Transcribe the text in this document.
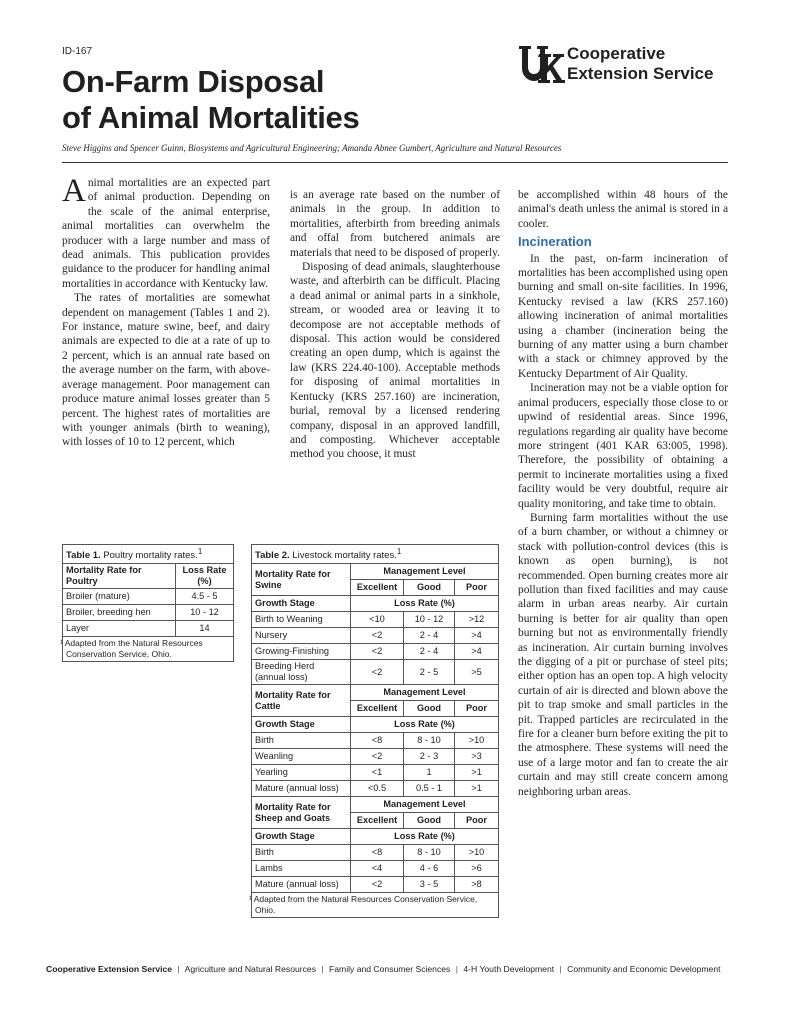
ID-167
On-Farm Disposal
of Animal Mortalities
Cooperative
Extension Service
Steve Higgins and Spencer Guinn, Biosystems and Agricultural Engineering; Amanda Abnee Gumbert, Agriculture and Natural Resources

Animal mortalities are an expected part of animal production. Depending on the scale of the animal enterprise, animal mortalities can overwhelm the producer with a large number and mass of dead animals. This publication provides guidance to the producer for handling animal mortalities in accordance with Kentucky law.

The rates of mortalities are somewhat dependent on management (Tables 1 and 2). For instance, mature swine, beef, and dairy animals are expected to die at a rate of up to 2 percent, which is an annual rate based on the average number on the farm, with above-average management. Poor management can produce mature animal losses greater than 5 percent. The highest rates of mortalities are with younger animals (birth to weaning), with losses of 10 to 12 percent, which

is an average rate based on the number of animals in the group. In addition to mortalities, afterbirth from breeding animals and offal from butchered animals are materials that need to be disposed of properly.

Disposing of dead animals, slaughterhouse waste, and afterbirth can be difficult. Placing a dead animal or animal parts in a sinkhole, stream, or wooded area or leaving it to decompose are not acceptable methods of disposal. This action would be considered creating an open dump, which is against the law (KRS 224.40-100). Acceptable methods for disposing of animal mortalities in Kentucky (KRS 257.160) are incineration, burial, removal by a licensed rendering company, disposal in an approved landfill, and composting. Whichever acceptable method you choose, it must

be accomplished within 48 hours of the animal's death unless the animal is stored in a cooler.

Incineration

In the past, on-farm incineration of mortalities has been accomplished using open burning and small on-site facilities. In 1996, Kentucky revised a law (KRS 257.160) allowing incineration of animal mortalities using a chamber (incineration being the burning of any matter using a burn chamber with a stack or chimney approved by the Kentucky Department of Air Quality.

Incineration may not be a viable option for animal producers, especially those close to or upwind of residential areas. Since 1996, regulations regarding air quality have become more stringent (401 KAR 63:005, 1998). Therefore, the possibility of obtaining a permit to incinerate mortalities using a fixed facility would be very doubtful, require air quality monitoring, and take time to obtain.

Burning farm mortalities without the use of a burn chamber, or without a chimney or stack with pollution-control devices (this is known as open burning), is not recommended. Open burning creates more air pollution than fixed facilities and may cause alarm in urban areas nearby. Air curtain burning is better for air quality than open burning but not as environmentally friendly as incineration. Air curtain burning involves the digging of a pit or purchase of steel pits; either option has an open top. A high velocity curtain of air is directed and blown above the pit to trap smoke and small particles in the pit. Trapped particles are recirculated in the fire for a cleaner burn before exiting the pit to the atmosphere. These systems will need the use of a large motor and fan to create the air curtain and may still create concern among neighboring urban areas.

Table 1. Poultry mortality rates.$^1$
Mortality Rate for Poultry	Loss Rate (%)
Broiler (mature)	4.5 - 5
Broiler, breeding hen	10 - 12
Layer	14
¹ Adapted from the Natural Resources Conservation Service, Ohio.	
Table 2. Livestock mortality rates.$^1$
Mortality Rate for Swine	Management Level		
	Excellent	Good	Poor
Growth Stage	Loss Rate (%)		
Birth to Weaning	<10	10 - 12	>12
Nursery	<2	2 - 4	>4
Growing-Finishing	<2	2 - 4	>4
Breeding Herd (annual loss)	<2	2 - 5	>5
Mortality Rate for Cattle	Management Level		
	Excellent	Good	Poor
Growth Stage	Loss Rate (%)		
Birth	<8	8 - 10	>10
Weanling	<2	2 - 3	>3
Yearling	<1	1	>1
Mature (annual loss)	<0.5	0.5 - 1	>1
Mortality Rate for Sheep and Goats	Management Level		
	Excellent	Good	Poor
Growth Stage	Loss Rate (%)		
Birth	<8	8 - 10	>10
Lambs	<4	4 - 6	>6
Mature (annual loss)	<2	3 - 5	>8
¹ Adapted from the Natural Resources Conservation Service, Ohio.			
Cooperative Extension Service | Agriculture and Natural Resources | Family and Consumer Sciences | 4-H Youth Development | Community and Economic Development
